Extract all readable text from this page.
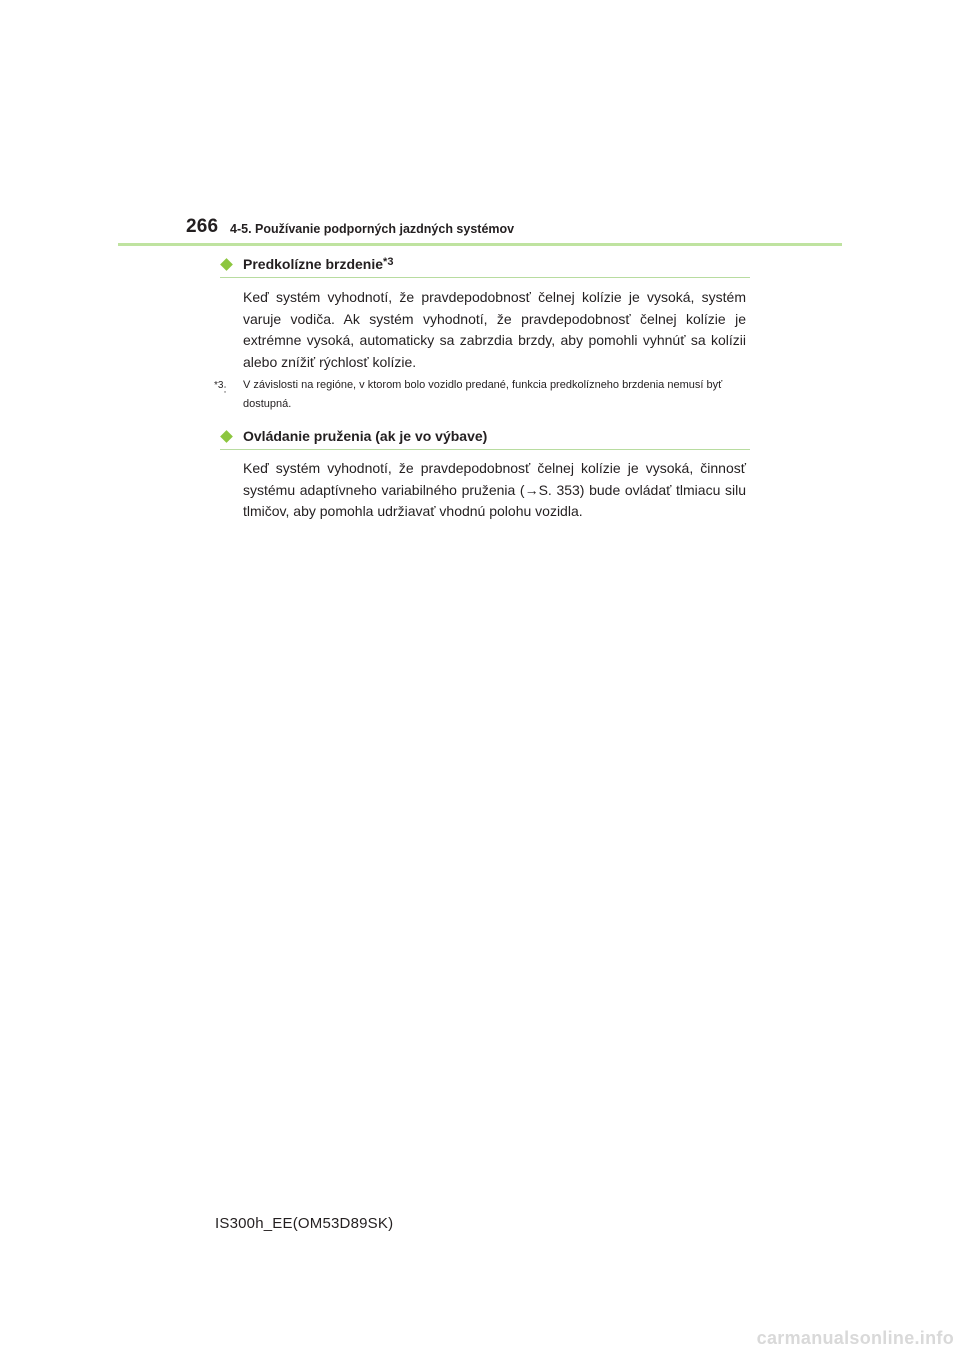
266 4-5. Používanie podporných jazdných systémov
Predkolízne brzdenie$^{*3}$
Keď systém vyhodnotí, že pravdepodobnosť čelnej kolízie je vysoká, systém varuje vodiča. Ak systém vyhodnotí, že pravdepodobnosť čelnej kolízie je extrémne vysoká, automaticky sa zabrzdia brzdy, aby pomohli vyhnúť sa kolízii alebo znížiť rýchlosť kolízie.
$^{*3}$:	V závislosti na regióne, v ktorom bolo vozidlo predané, funkcia predkolízneho brzdenia nemusí byť dostupná.
Ovládanie pruženia (ak je vo výbave)
Keď systém vyhodnotí, že pravdepodobnosť čelnej kolízie je vysoká, činnosť systému adaptívneho variabilného pruženia (→S. 353) bude ovládať tlmiacu silu tlmičov, aby pomohla udržiavať vhodnú polohu vozidla.
IS300h_EE(OM53D89SK)
carmanualsonline.info
